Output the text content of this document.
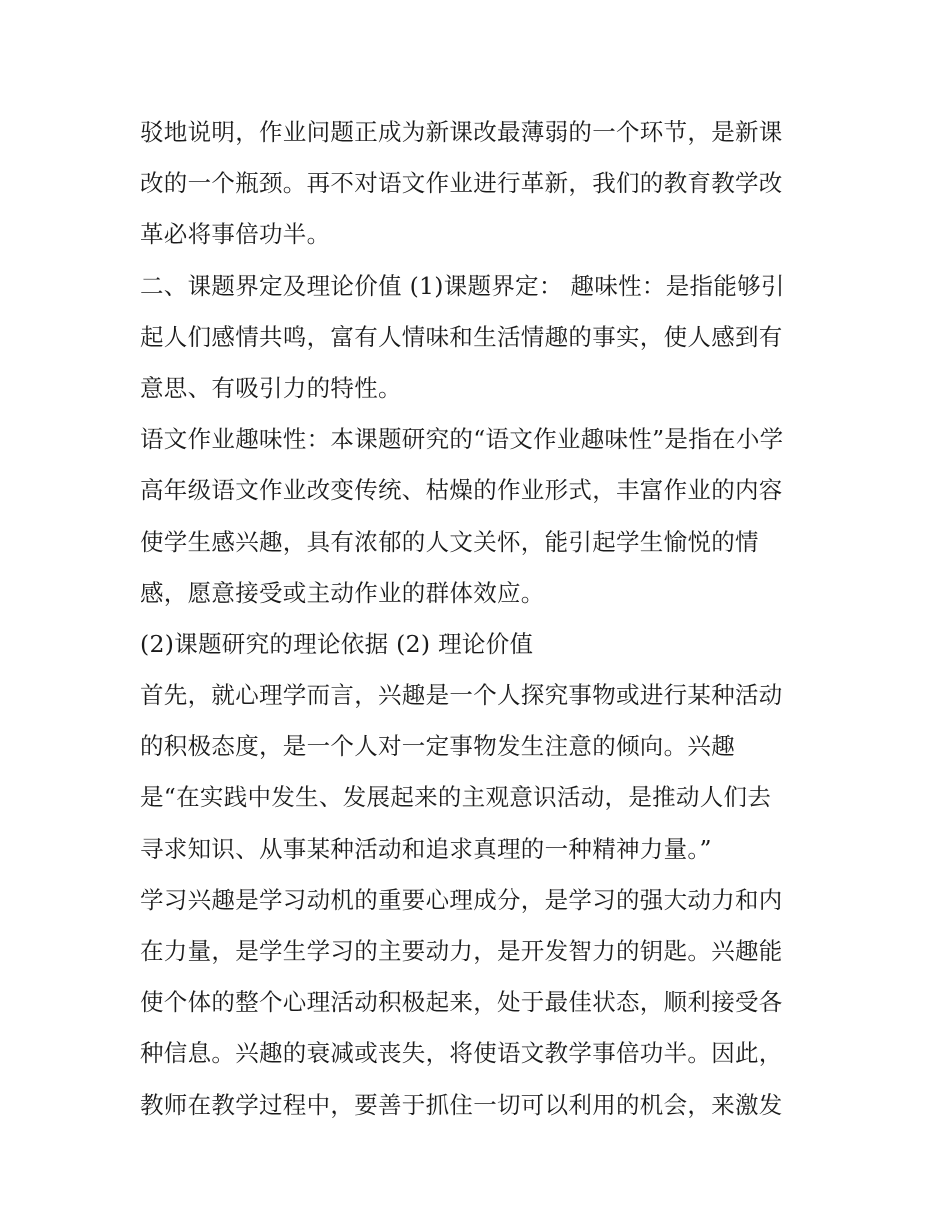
驳地说明，作业问题正成为新课改最薄弱的一个环节，是新课
改的一个瓶颈。再不对语文作业进行革新，我们的教育教学改
革必将事倍功半。
二、课题界定及理论价值 (1)课题界定： 趣味性：是指能够引
起人们感情共鸣，富有人情味和生活情趣的事实，使人感到有
意思、有吸引力的特性。
语文作业趣味性：本课题研究的“语文作业趣味性”是指在小学
高年级语文作业改变传统、枯燥的作业形式，丰富作业的内容
使学生感兴趣，具有浓郁的人文关怀，能引起学生愉悦的情
感，愿意接受或主动作业的群体效应。
(2)课题研究的理论依据 (2) 理论价值
首先，就心理学而言，兴趣是一个人探究事物或进行某种活动
的积极态度，是一个人对一定事物发生注意的倾向。兴趣
是“在实践中发生、发展起来的主观意识活动，是推动人们去
寻求知识、从事某种活动和追求真理的一种精神力量。”
学习兴趣是学习动机的重要心理成分，是学习的强大动力和内
在力量，是学生学习的主要动力，是开发智力的钥匙。兴趣能
使个体的整个心理活动积极起来，处于最佳状态，顺利接受各
种信息。兴趣的衰减或丧失，将使语文教学事倍功半。因此，
教师在教学过程中，要善于抓住一切可以利用的机会，来激发
